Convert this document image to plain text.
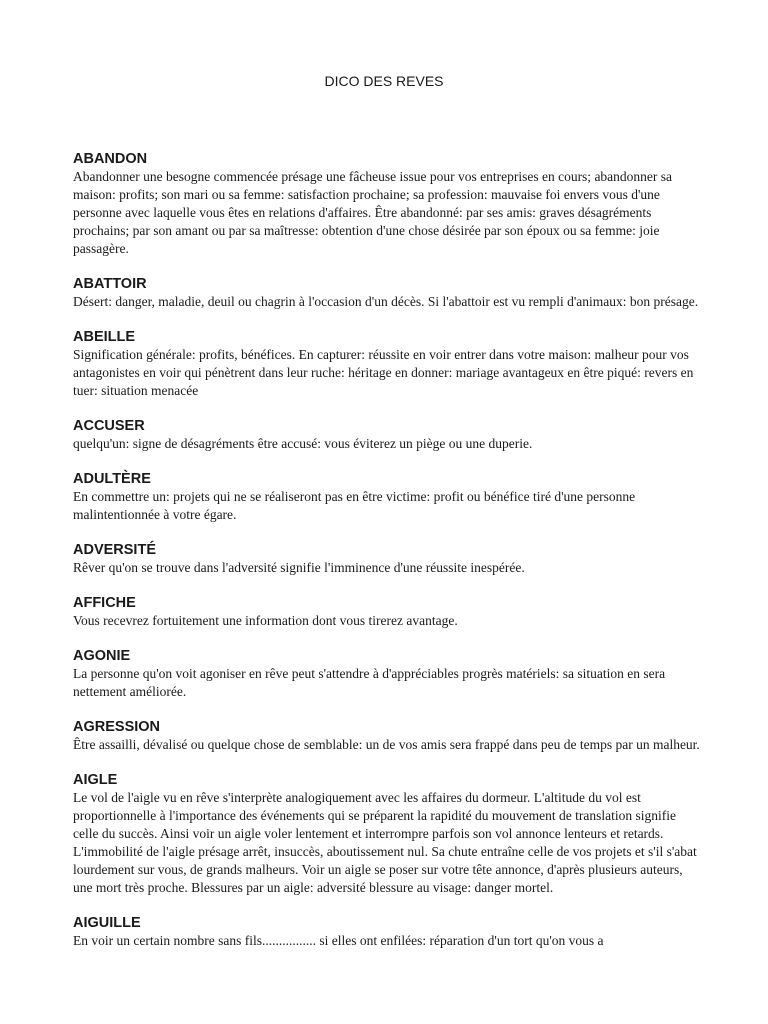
DICO DES REVES
ABANDON
Abandonner une besogne commencée présage une fâcheuse issue pour vos entreprises en cours; abandonner sa maison: profits; son mari ou sa femme: satisfaction prochaine; sa profession: mauvaise foi envers vous d'une personne avec laquelle vous êtes en relations d'affaires. Être abandonné: par ses amis: graves désagréments prochains; par son amant ou par sa maîtresse: obtention d'une chose désirée par son époux ou sa femme: joie passagère.
ABATTOIR
Désert: danger, maladie, deuil ou chagrin à l'occasion d'un décès. Si l'abattoir est vu rempli d'animaux: bon présage.
ABEILLE
Signification générale: profits, bénéfices. En capturer: réussite en voir entrer dans votre maison: malheur pour vos antagonistes en voir qui pénètrent dans leur ruche: héritage en donner: mariage avantageux en être piqué: revers en tuer: situation menacée
ACCUSER
quelqu'un: signe de désagréments être accusé: vous éviterez un piège ou une duperie.
ADULTÈRE
En commettre un: projets qui ne se réaliseront pas en être victime: profit ou bénéfice tiré d'une personne malintentionnée à votre égare.
ADVERSITÉ
Rêver qu'on se trouve dans l'adversité signifie l'imminence d'une réussite inespérée.
AFFICHE
Vous recevrez fortuitement une information dont vous tirerez avantage.
AGONIE
La personne qu'on voit agoniser en rêve peut s'attendre à d'appréciables progrès matériels: sa situation en sera nettement améliorée.
AGRESSION
Être assailli, dévalisé ou quelque chose de semblable: un de vos amis sera frappé dans peu de temps par un malheur.
AIGLE
Le vol de l'aigle vu en rêve s'interprète analogiquement avec les affaires du dormeur. L'altitude du vol est proportionnelle à l'importance des événements qui se préparent la rapidité du mouvement de translation signifie celle du succès. Ainsi voir un aigle voler lentement et interrompre parfois son vol annonce lenteurs et retards. L'immobilité de l'aigle présage arrêt, insuccès, aboutissement nul. Sa chute entraîne celle de vos projets et s'il s'abat lourdement sur vous, de grands malheurs. Voir un aigle se poser sur votre tête annonce, d'après plusieurs auteurs, une mort très proche. Blessures par un aigle: adversité blessure au visage: danger mortel.
AIGUILLE
En voir un certain nombre sans fils................ si elles ont enfilées: réparation d'un tort qu'on vous a
